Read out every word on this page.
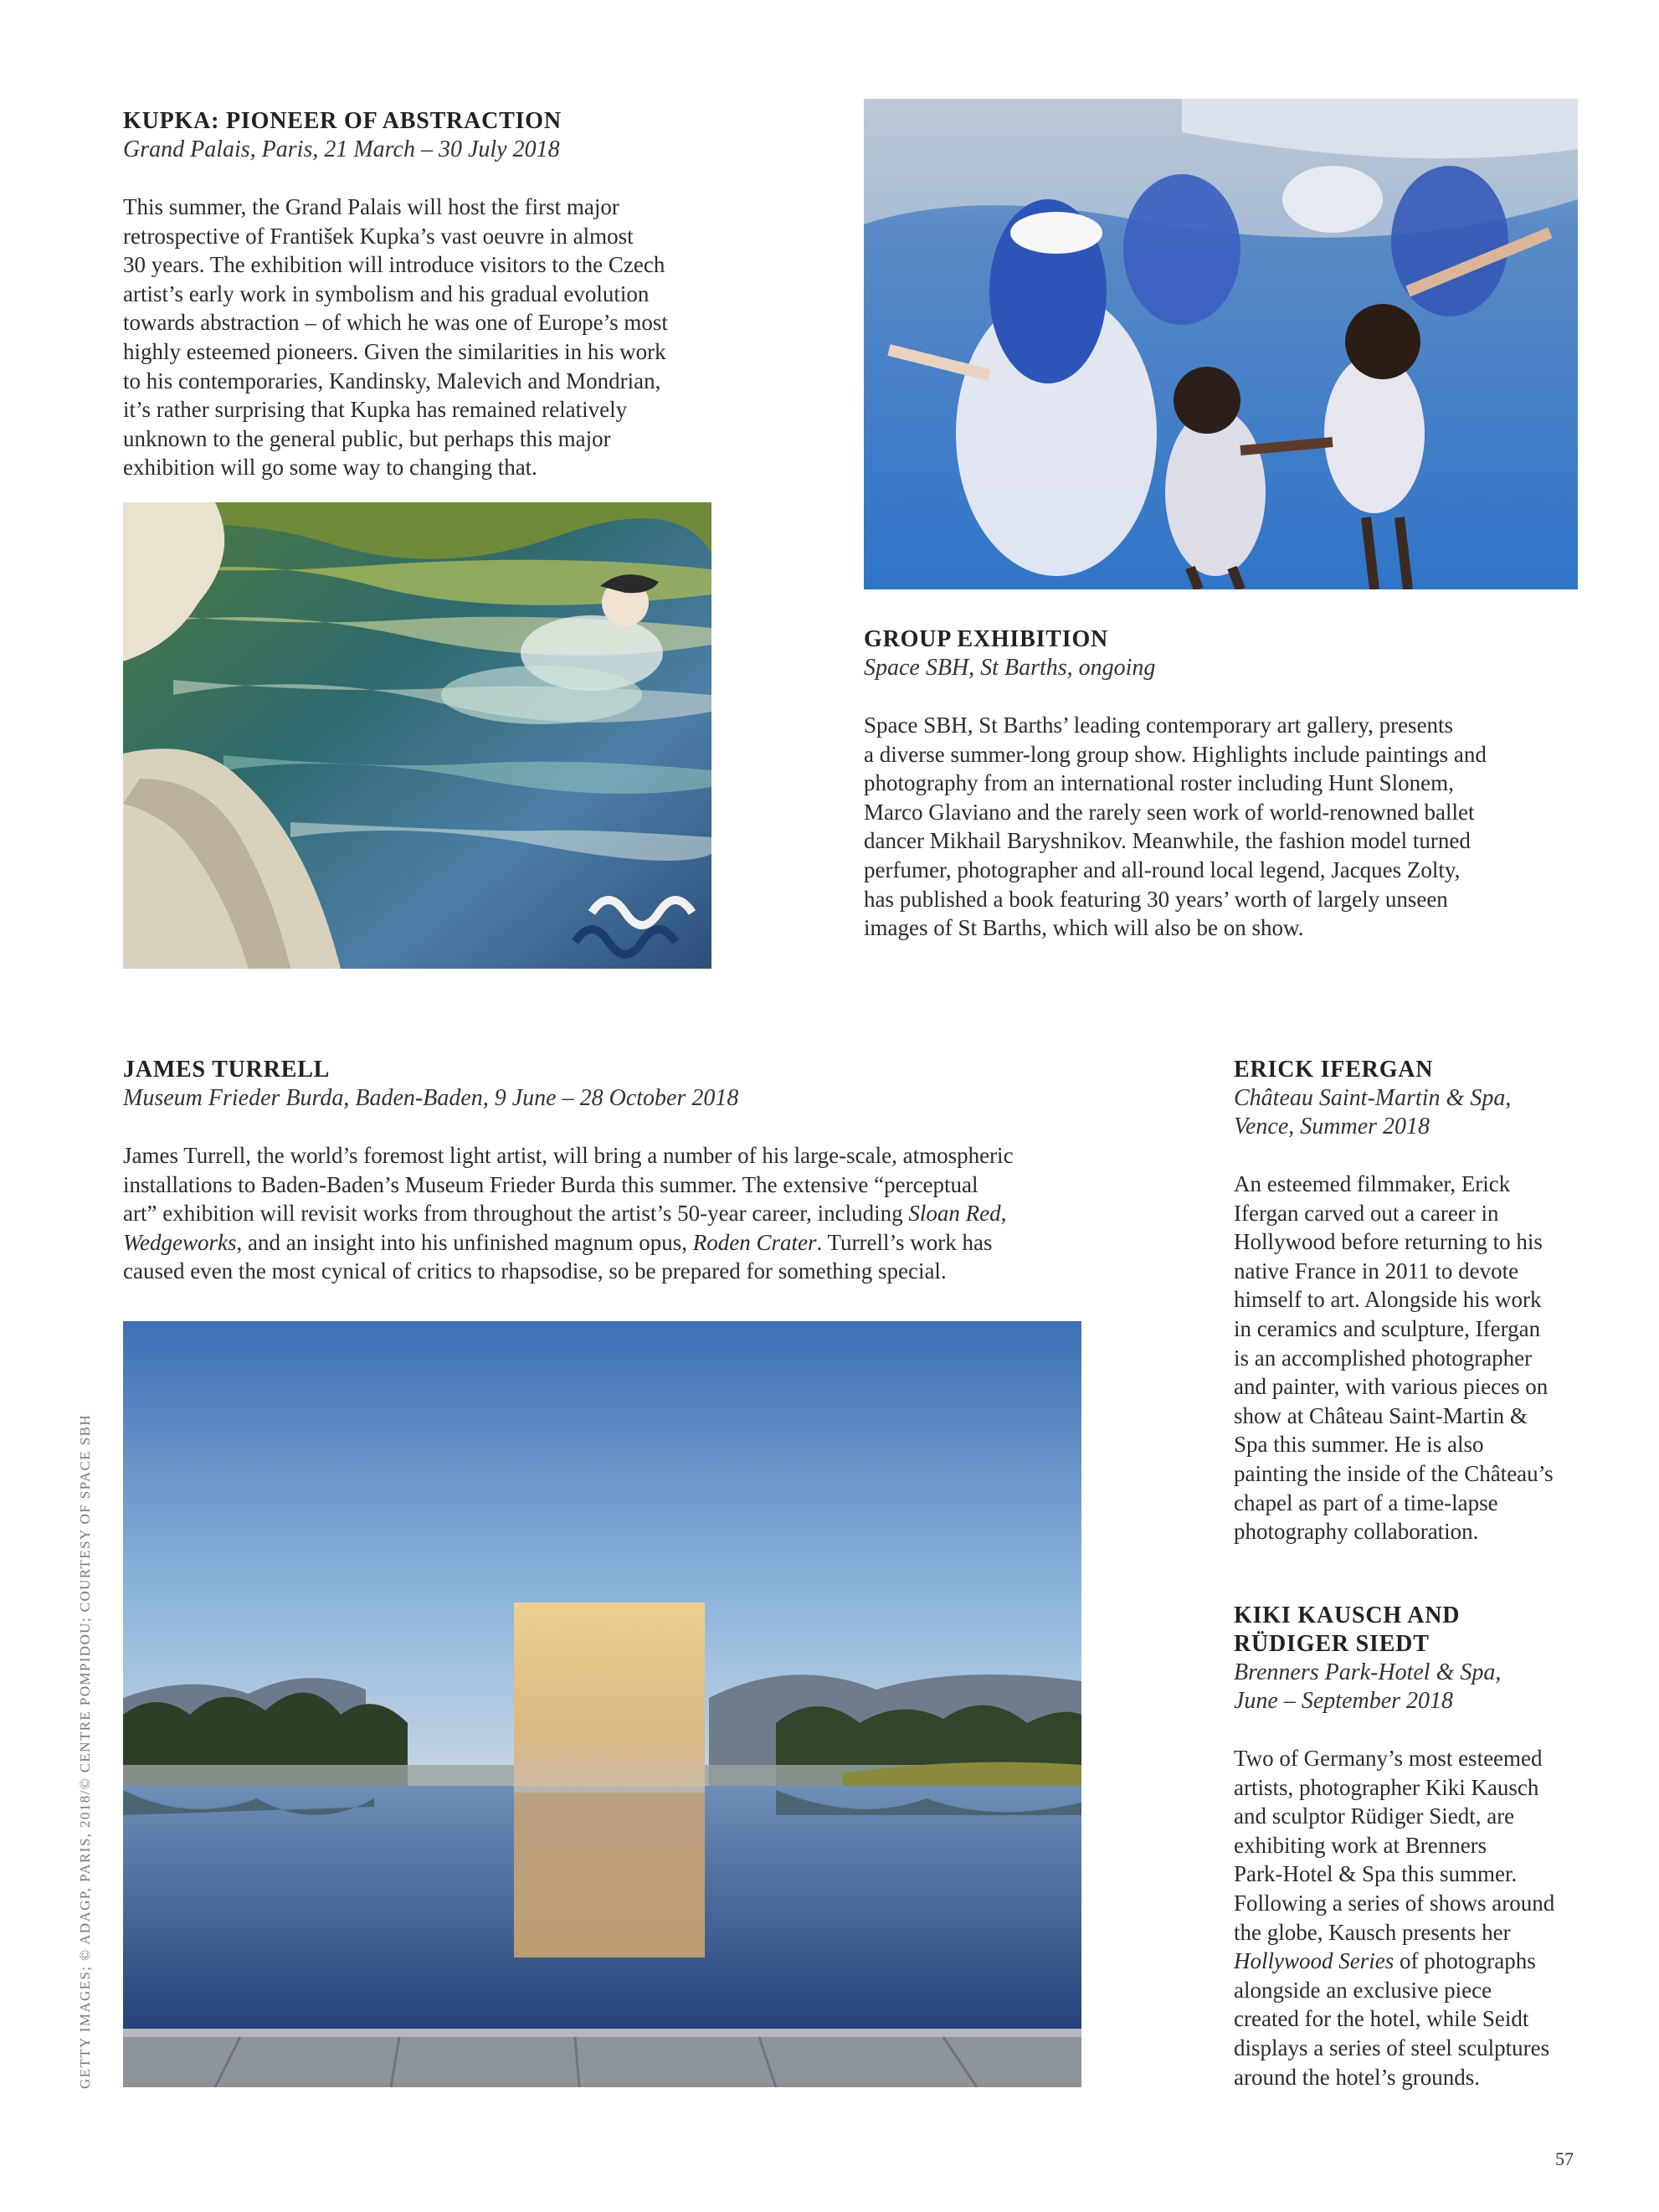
KUPKA: PIONEER OF ABSTRACTION

Grand Palais, Paris, 21 March – 30 July 2018

This summer, the Grand Palais will host the first major
retrospective of František Kupka’s vast oeuvre in almost
30 years. The exhibition will introduce visitors to the Czech
artist’s early work in symbolism and his gradual evolution
towards abstraction – of which he was one of Europe’s most
highly esteemed pioneers. Given the similarities in his work
to his contemporaries, Kandinsky, Malevich and Mondrian,
it’s rather surprising that Kupka has remained relatively
unknown to the general public, but perhaps this major
exhibition will go some way to changing that.

GROUP EXHIBITION

Space SBH, St Barths, ongoing

Space SBH, St Barths’ leading contemporary art gallery, presents
a diverse summer-long group show. Highlights include paintings and
photography from an international roster including Hunt Slonem,
Marco Glaviano and the rarely seen work of world-renowned ballet
dancer Mikhail Baryshnikov. Meanwhile, the fashion model turned
perfumer, photographer and all-round local legend, Jacques Zolty,
has published a book featuring 30 years’ worth of largely unseen
images of St Barths, which will also be on show.

JAMES TURRELL

Museum Frieder Burda, Baden-Baden, 9 June – 28 October 2018

James Turrell, the world’s foremost light artist, will bring a number of his large-scale, atmospheric
installations to Baden-Baden’s Museum Frieder Burda this summer. The extensive “perceptual
art” exhibition will revisit works from throughout the artist’s 50-year career, including Sloan Red,
Wedgeworks, and an insight into his unfinished magnum opus, Roden Crater. Turrell’s work has
caused even the most cynical of critics to rhapsodise, so be prepared for something special.

ERICK IFERGAN

Château Saint-Martin & Spa,
Vence, Summer 2018

An esteemed filmmaker, Erick
Ifergan carved out a career in
Hollywood before returning to his
native France in 2011 to devote
himself to art. Alongside his work
in ceramics and sculpture, Ifergan
is an accomplished photographer
and painter, with various pieces on
show at Château Saint-Martin &
Spa this summer. He is also
painting the inside of the Château’s
chapel as part of a time-lapse
photography collaboration.

KIKI KAUSCH AND
RÜDIGER SIEDT

Brenners Park-Hotel & Spa,
June – September 2018

Two of Germany’s most esteemed
artists, photographer Kiki Kausch
and sculptor Rüdiger Siedt, are
exhibiting work at Brenners
Park-Hotel & Spa this summer.
Following a series of shows around
the globe, Kausch presents her
Hollywood Series of photographs
alongside an exclusive piece
created for the hotel, while Seidt
displays a series of steel sculptures
around the hotel’s grounds.

GETTY IMAGES; © ADAGP, PARIS, 2018/© CENTRE POMPIDOU; COURTESY OF SPACE SBH
57
